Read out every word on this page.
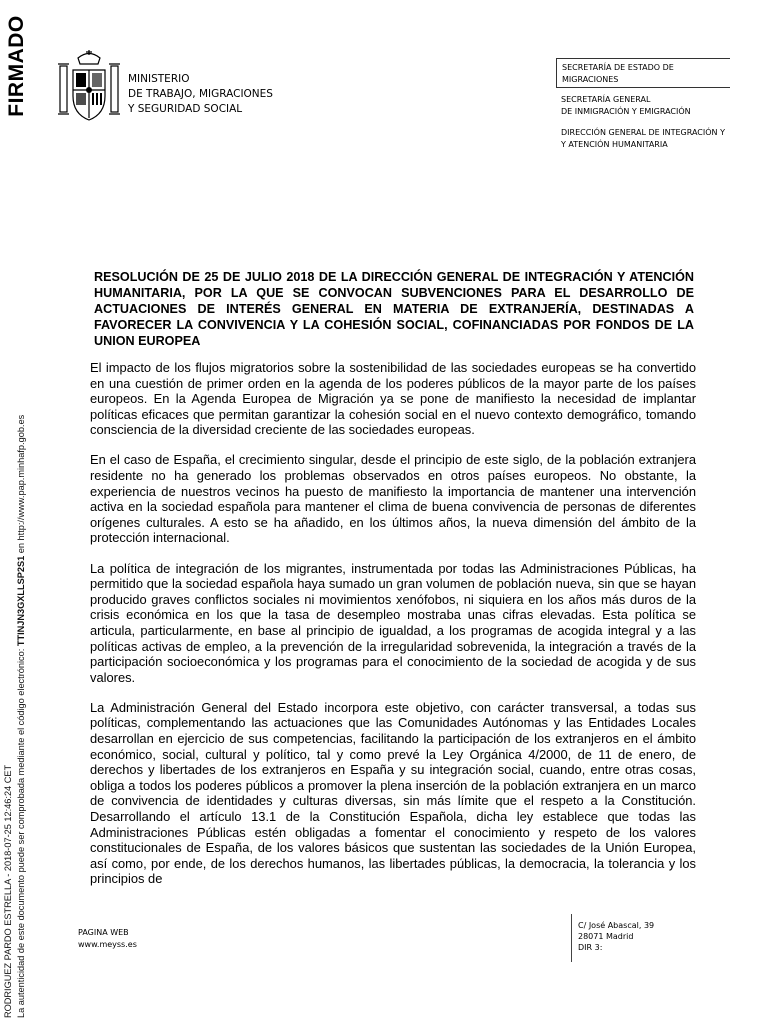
FIRMADO
RODRIGUEZ PARDO ESTRELLA - 2018-07-25 12:46:24 CET La autenticidad de este documento puede ser comprobada mediante el código electrónico: TTINJN3GXLLSP2S1 en http://www.pap.minhafp.gob.es
MINISTERIO
DE TRABAJO, MIGRACIONES
Y SEGURIDAD SOCIAL
SECRETARÍA DE ESTADO DE
MIGRACIONES
SECRETARÍA GENERAL
DE INMIGRACIÓN Y EMIGRACIÓN
DIRECCIÓN GENERAL DE INTEGRACIÓN Y
Y ATENCIÓN HUMANITARIA
RESOLUCIÓN DE 25 DE JULIO 2018 DE LA DIRECCIÓN GENERAL DE INTEGRACIÓN Y ATENCIÓN HUMANITARIA, POR LA QUE SE CONVOCAN SUBVENCIONES PARA EL DESARROLLO DE ACTUACIONES DE INTERÉS GENERAL EN MATERIA DE EXTRANJERÍA, DESTINADAS A FAVORECER LA CONVIVENCIA Y LA COHESIÓN SOCIAL, COFINANCIADAS POR FONDOS DE LA UNION EUROPEA

El impacto de los flujos migratorios sobre la sostenibilidad de las sociedades europeas se ha convertido en una cuestión de primer orden en la agenda de los poderes públicos de la mayor parte de los países europeos. En la Agenda Europea de Migración ya se pone de manifiesto la necesidad de implantar políticas eficaces que permitan garantizar la cohesión social en el nuevo contexto demográfico, tomando consciencia de la diversidad creciente de las sociedades europeas.

En el caso de España, el crecimiento singular, desde el principio de este siglo, de la población extranjera residente no ha generado los problemas observados en otros países europeos. No obstante, la experiencia de nuestros vecinos ha puesto de manifiesto la importancia de mantener una intervención activa en la sociedad española para mantener el clima de buena convivencia de personas de diferentes orígenes culturales. A esto se ha añadido, en los últimos años, la nueva dimensión del ámbito de la protección internacional.

La política de integración de los migrantes, instrumentada por todas las Administraciones Públicas, ha permitido que la sociedad española haya sumado un gran volumen de población nueva, sin que se hayan producido graves conflictos sociales ni movimientos xenófobos, ni siquiera en los años más duros de la crisis económica en los que la tasa de desempleo mostraba unas cifras elevadas. Esta política se articula, particularmente, en base al principio de igualdad, a los programas de acogida integral y a las políticas activas de empleo, a la prevención de la irregularidad sobrevenida, la integración a través de la participación socioeconómica y los programas para el conocimiento de la sociedad de acogida y de sus valores.

La Administración General del Estado incorpora este objetivo, con carácter transversal, a todas sus políticas, complementando las actuaciones que las Comunidades Autónomas y las Entidades Locales desarrollan en ejercicio de sus competencias, facilitando la participación de los extranjeros en el ámbito económico, social, cultural y político, tal y como prevé la Ley Orgánica 4/2000, de 11 de enero, de derechos y libertades de los extranjeros en España y su integración social, cuando, entre otras cosas, obliga a todos los poderes públicos a promover la plena inserción de la población extranjera en un marco de convivencia de identidades y culturas diversas, sin más límite que el respeto a la Constitución. Desarrollando el artículo 13.1 de la Constitución Española, dicha ley establece que todas las Administraciones Públicas estén obligadas a fomentar el conocimiento y respeto de los valores constitucionales de España, de los valores básicos que sustentan las sociedades de la Unión Europea, así como, por ende, de los derechos humanos, las libertades públicas, la democracia, la tolerancia y los principios de

PAGINA WEB
www.meyss.es
C/ José Abascal, 39
28071 Madrid
DIR 3:
